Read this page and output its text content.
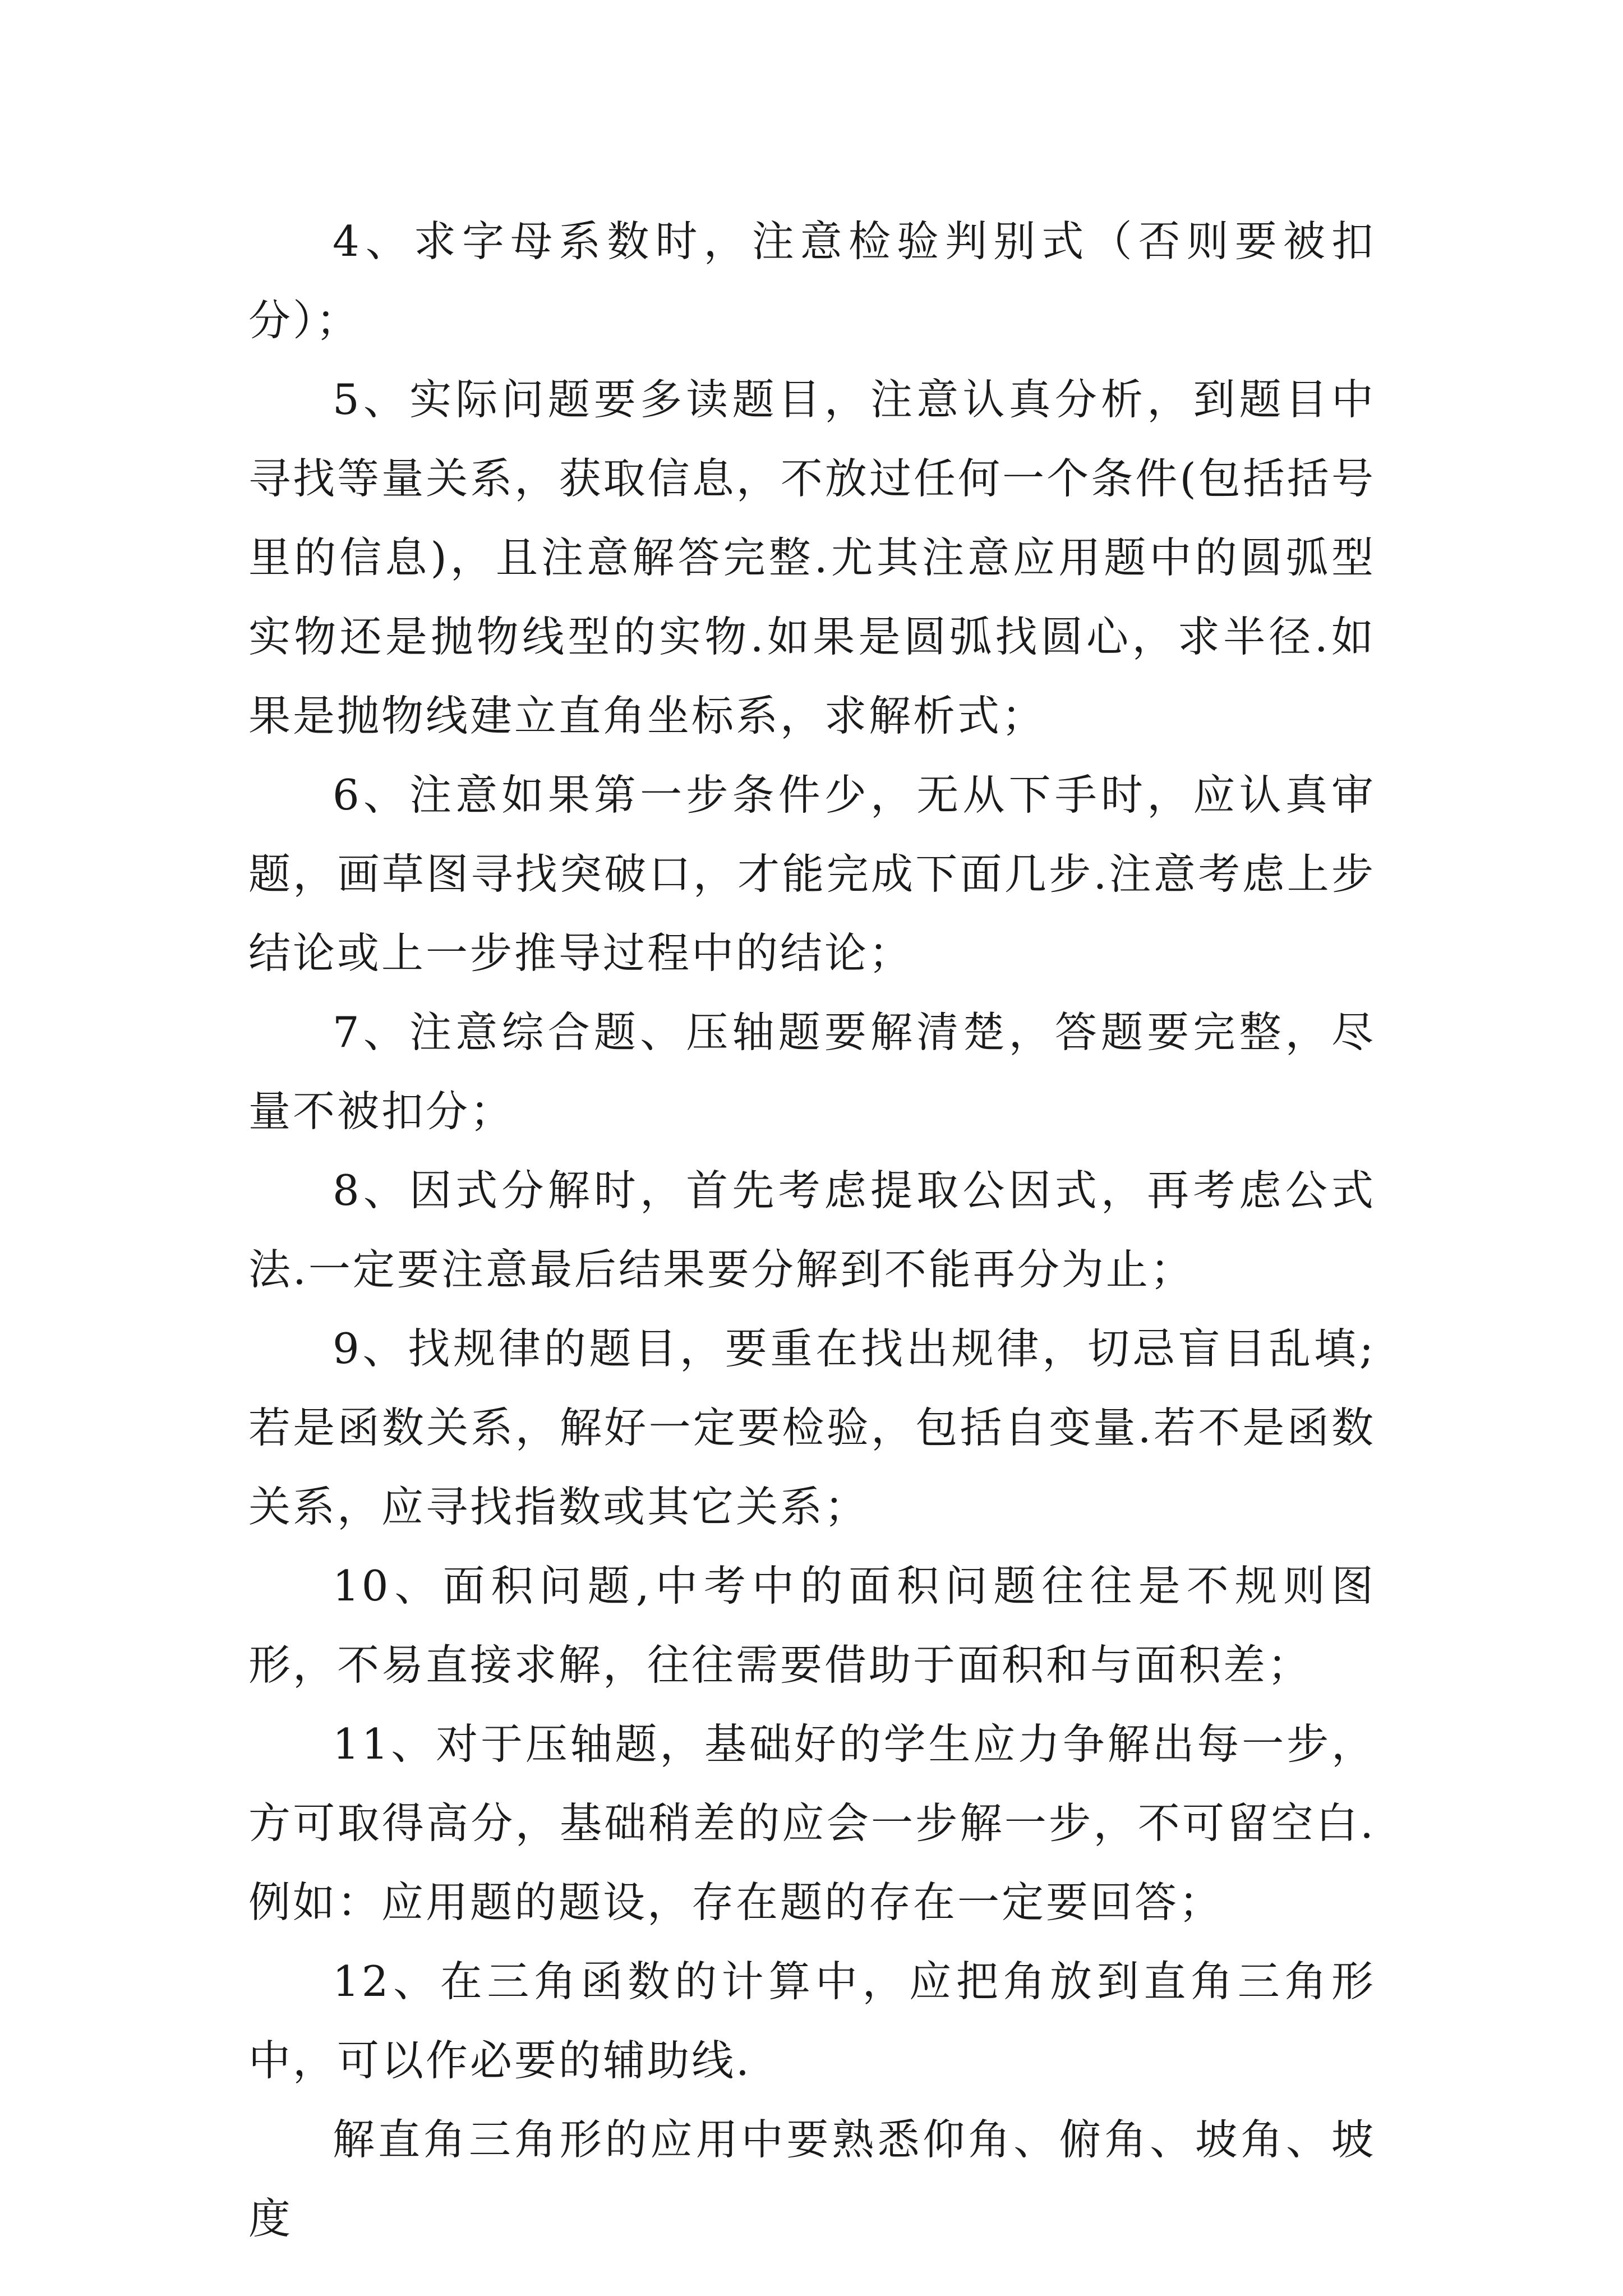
4、求字母系数时，注意检验判别式（否则要被扣分）；

5、实际问题要多读题目，注意认真分析，到题目中寻找等量关系，获取信息，不放过任何一个条件(包括括号里的信息)，且注意解答完整.尤其注意应用题中的圆弧型实物还是抛物线型的实物.如果是圆弧找圆心，求半径.如果是抛物线建立直角坐标系，求解析式；

6、注意如果第一步条件少，无从下手时，应认真审题，画草图寻找突破口，才能完成下面几步.注意考虑上步结论或上一步推导过程中的结论；

7、注意综合题、压轴题要解清楚，答题要完整，尽量不被扣分；

8、因式分解时，首先考虑提取公因式，再考虑公式法.一定要注意最后结果要分解到不能再分为止；

9、找规律的题目，要重在找出规律，切忌盲目乱填;若是函数关系，解好一定要检验，包括自变量.若不是函数关系，应寻找指数或其它关系；

10、面积问题,中考中的面积问题往往是不规则图形，不易直接求解，往往需要借助于面积和与面积差；

11、对于压轴题，基础好的学生应力争解出每一步，方可取得高分，基础稍差的应会一步解一步，不可留空白.例如：应用题的题设，存在题的存在一定要回答；

12、在三角函数的计算中，应把角放到直角三角形中，可以作必要的辅助线.

解直角三角形的应用中要熟悉仰角、俯角、坡角、坡度
